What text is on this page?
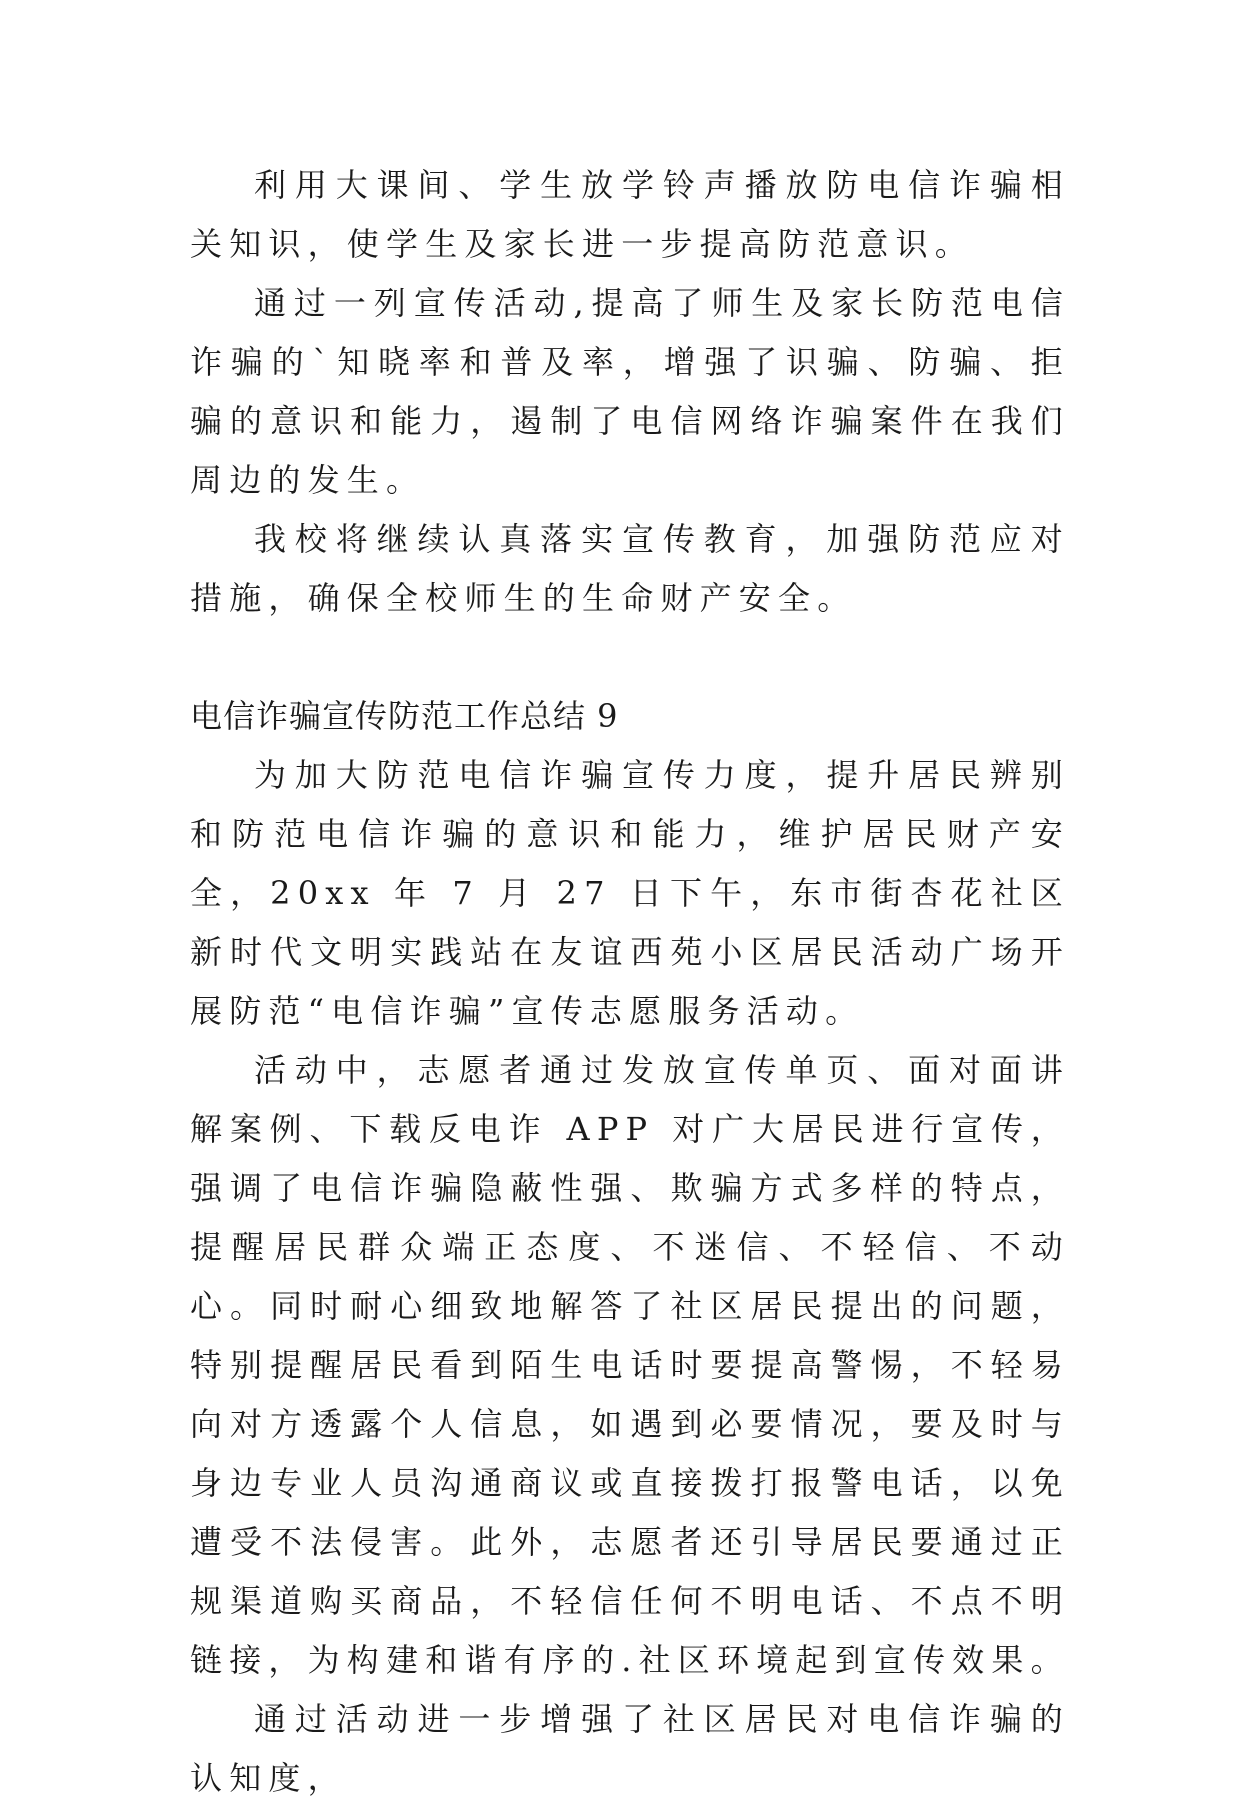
利用大课间、学生放学铃声播放防电信诈骗相关知识，使学生及家长进一步提高防范意识。

通过一列宣传活动,提高了师生及家长防范电信诈骗的`知晓率和普及率，增强了识骗、防骗、拒骗的意识和能力，遏制了电信网络诈骗案件在我们周边的发生。

我校将继续认真落实宣传教育，加强防范应对措施，确保全校师生的生命财产安全。

电信诈骗宣传防范工作总结 9

为加大防范电信诈骗宣传力度，提升居民辨别和防范电信诈骗的意识和能力，维护居民财产安全，20xx 年 7 月 27 日下午，东市街杏花社区新时代文明实践站在友谊西苑小区居民活动广场开展防范“电信诈骗”宣传志愿服务活动。

活动中，志愿者通过发放宣传单页、面对面讲解案例、下载反电诈 APP 对广大居民进行宣传，强调了电信诈骗隐蔽性强、欺骗方式多样的特点，提醒居民群众端正态度、不迷信、不轻信、不动心。同时耐心细致地解答了社区居民提出的问题，特别提醒居民看到陌生电话时要提高警惕，不轻易向对方透露个人信息，如遇到必要情况，要及时与身边专业人员沟通商议或直接拨打报警电话，以免遭受不法侵害。此外，志愿者还引导居民要通过正规渠道购买商品，不轻信任何不明电话、不点不明链接，为构建和谐有序的.社区环境起到宣传效果。

通过活动进一步增强了社区居民对电信诈骗的认知度，
